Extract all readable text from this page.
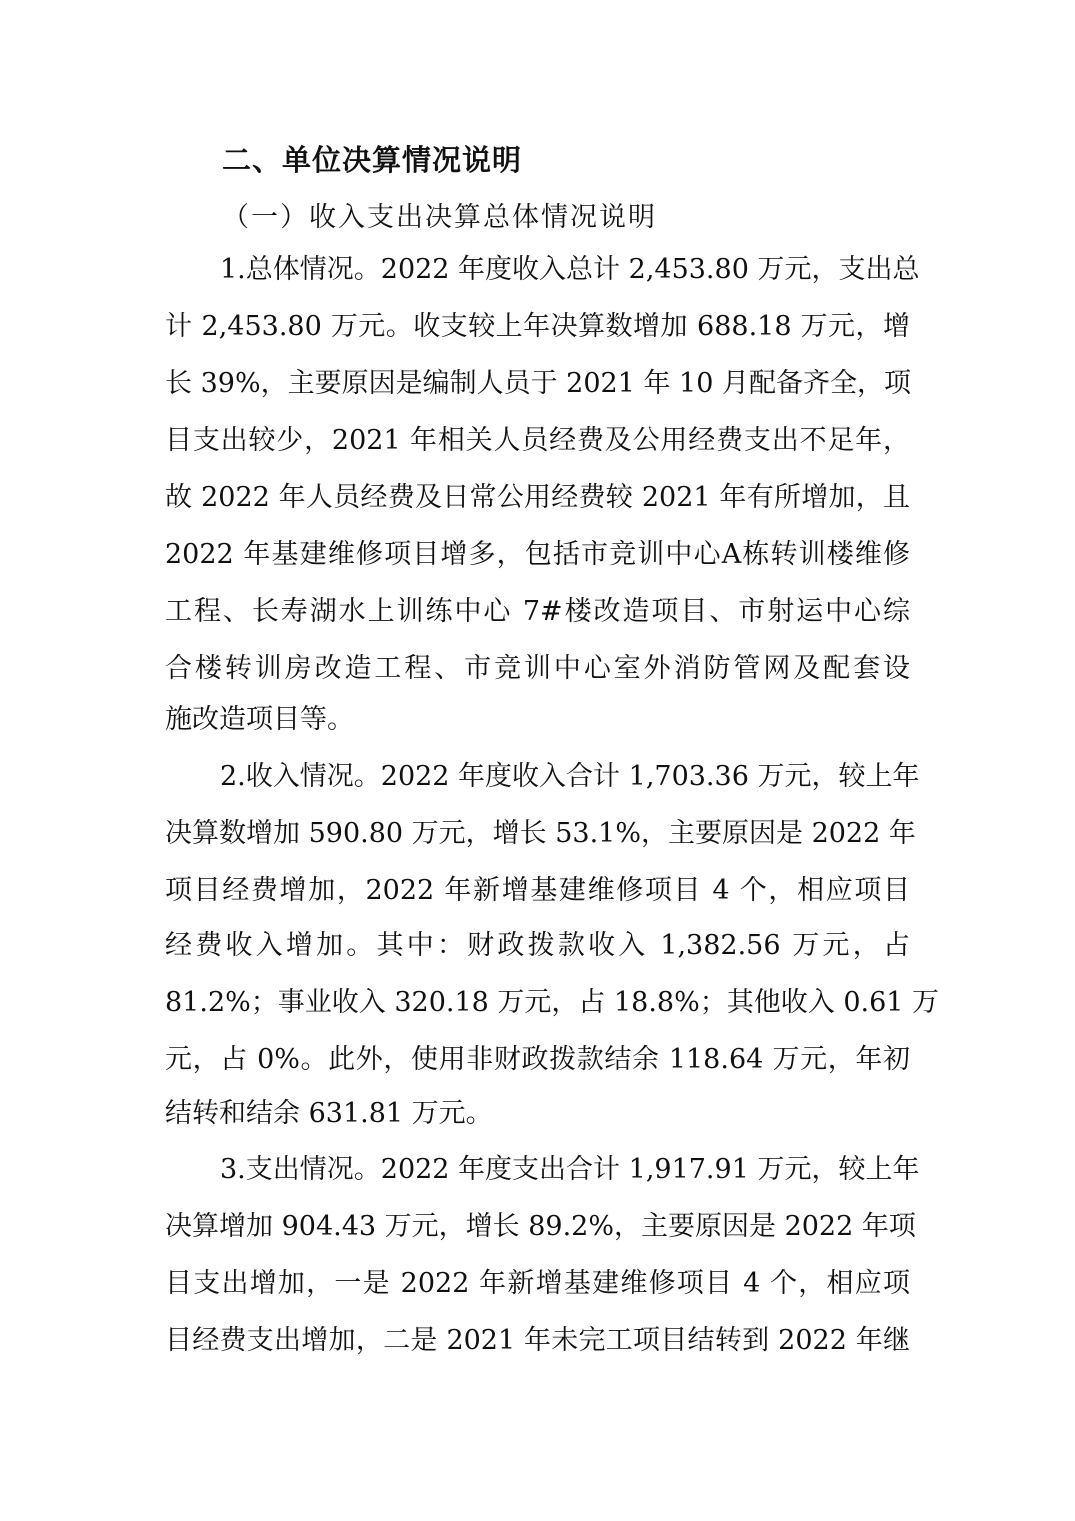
二、单位决算情况说明
（一）收入支出决算总体情况说明
1.总体情况。2022 年度收入总计 2,453.80 万元，支出总
计 2,453.80 万元。收支较上年决算数增加 688.18 万元，增
长 39%，主要原因是编制人员于 2021 年 10 月配备齐全，项
目支出较少，2021 年相关人员经费及公用经费支出不足年，
故 2022 年人员经费及日常公用经费较 2021 年有所增加，且
2022 年基建维修项目增多，包括市竞训中心A栋转训楼维修
工程、长寿湖水上训练中心 7#楼改造项目、市射运中心综
合楼转训房改造工程、市竞训中心室外消防管网及配套设
施改造项目等。
2.收入情况。2022 年度收入合计 1,703.36 万元，较上年
决算数增加 590.80 万元，增长 53.1%，主要原因是 2022 年
项目经费增加，2022 年新增基建维修项目 4 个，相应项目
经费收入增加。其中：财政拨款收入 1,382.56 万元，占
81.2%；事业收入 320.18 万元，占 18.8%；其他收入 0.61 万
元，占 0%。此外，使用非财政拨款结余 118.64 万元，年初
结转和结余 631.81 万元。
3.支出情况。2022 年度支出合计 1,917.91 万元，较上年
决算增加 904.43 万元，增长 89.2%，主要原因是 2022 年项
目支出增加，一是 2022 年新增基建维修项目 4 个，相应项
目经费支出增加，二是 2021 年未完工项目结转到 2022 年继
